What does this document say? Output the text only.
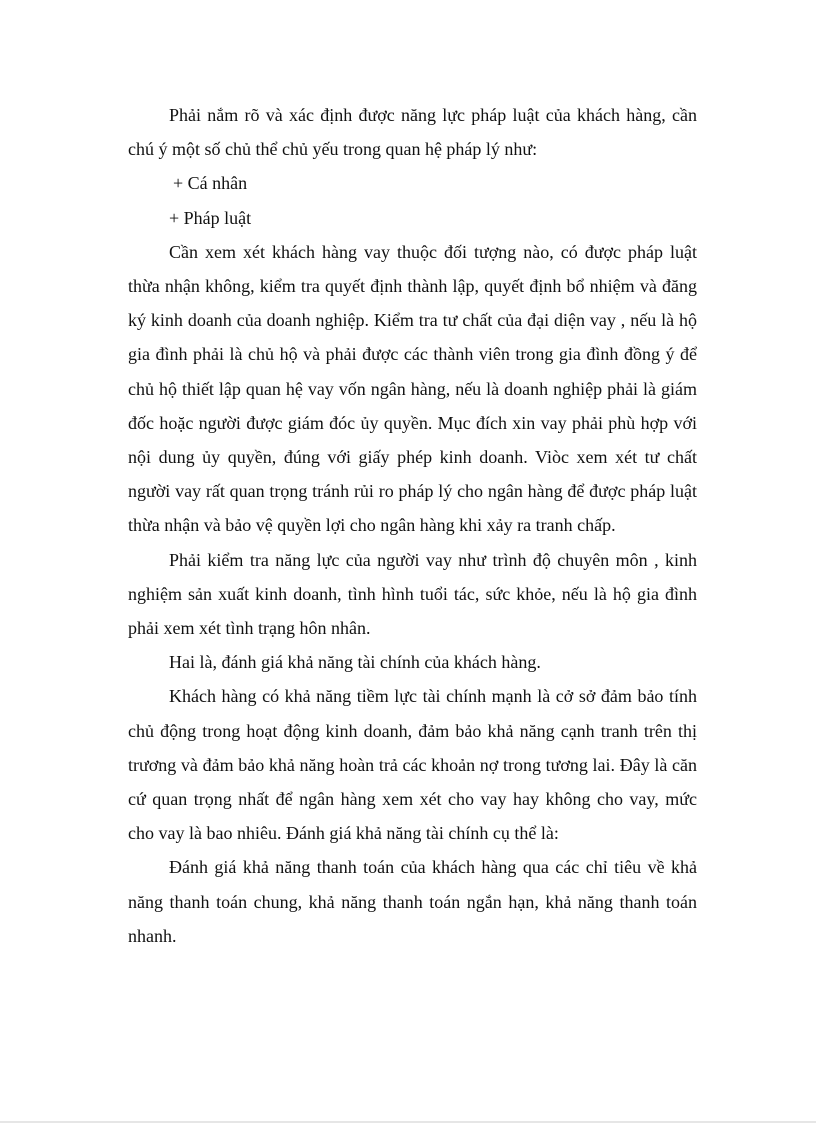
Phải nắm rõ và xác định được năng lực pháp luật của khách hàng, cần chú ý một số chủ thể chủ yếu trong quan hệ pháp lý như:

+ Cá nhân

+ Pháp luật

Cần xem xét khách hàng vay thuộc đối tượng nào, có được pháp luật thừa nhận không, kiểm tra quyết định thành lập, quyết định bổ nhiệm và đăng ký kinh doanh của doanh nghiệp. Kiểm tra tư chất của đại diện vay , nếu là hộ gia đình phải là chủ hộ và phải được các thành viên trong gia đình đồng ý để chủ hộ thiết lập quan hệ vay vốn ngân hàng, nếu là doanh nghiệp phải là giám đốc hoặc người được giám đóc ủy quyền. Mục đích xin vay phải phù hợp với nội dung ủy quyền, đúng với giấy phép kinh doanh. Viòc xem xét tư chất người vay rất quan trọng tránh rủi ro pháp lý cho ngân hàng để được pháp luật thừa nhận và bảo vệ quyền lợi cho ngân hàng khi xảy ra tranh chấp.

Phải kiểm tra năng lực của người vay như trình độ chuyên môn , kinh nghiệm sản xuất kinh doanh, tình hình tuổi tác, sức khỏe, nếu là hộ gia đình phải xem xét tình trạng hôn nhân.

Hai là, đánh giá khả năng tài chính của khách hàng.

Khách hàng có khả năng tiềm lực tài chính mạnh là cở sở đảm bảo tính chủ động trong hoạt động kinh doanh, đảm bảo khả năng cạnh tranh trên thị trương và đảm bảo khả năng hoàn trả các khoản nợ trong tương lai. Đây là căn cứ quan trọng nhất để ngân hàng xem xét cho vay hay không cho vay, mức cho vay là bao nhiêu. Đánh giá khả năng tài chính cụ thể là:

Đánh giá khả năng thanh toán của khách hàng qua các chỉ tiêu về khả năng thanh toán chung, khả năng thanh toán ngắn hạn, khả năng thanh toán nhanh.
